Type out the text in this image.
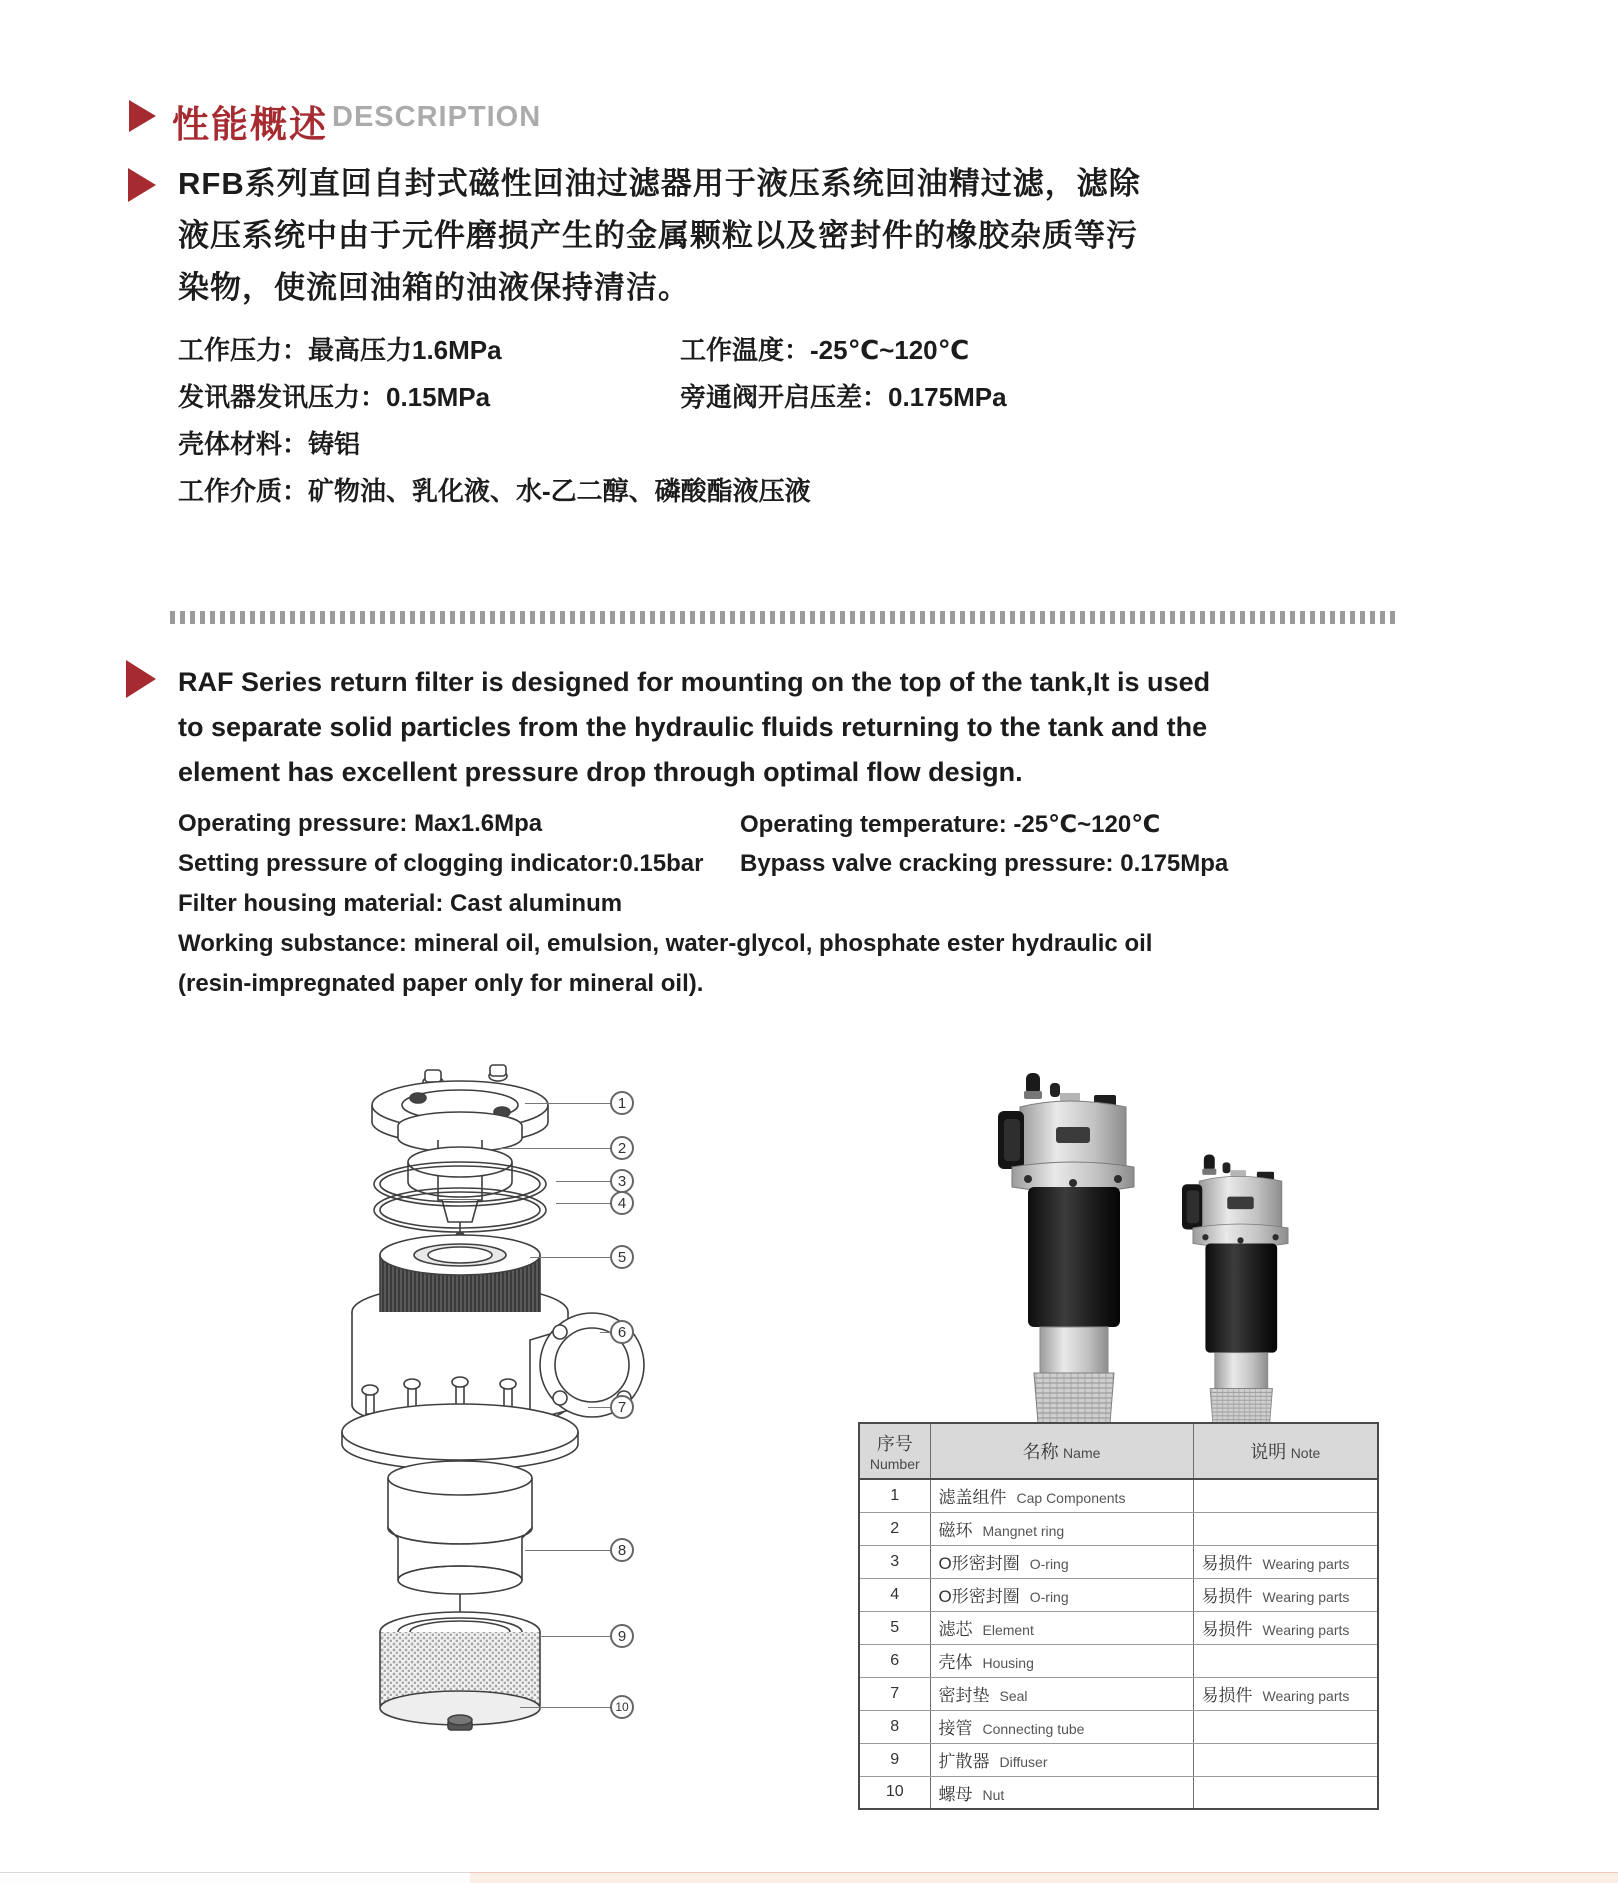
性能概述 DESCRIPTION
RFB系列直回自封式磁性回油过滤器用于液压系统回油精过滤，滤除
液压系统中由于元件磨损产生的金属颗粒以及密封件的橡胶杂质等污
染物，使流回油箱的油液保持清洁。
工作压力：最高压力1.6MPa	工作温度：-25℃~120℃
发讯器发讯压力：0.15MPa	旁通阀开启压差：0.175MPa
壳体材料：铸铝
工作介质：矿物油、乳化液、水-乙二醇、磷酸酯液压液
RAF Series return filter is designed for mounting on the top of the tank,It is used
to separate solid particles from the hydraulic fluids returning to the tank and the
element has excellent pressure drop through optimal flow design.
Operating pressure: Max1.6Mpa	Operating temperature: -25℃~120℃
Setting pressure of clogging indicator:0.15bar Bypass valve cracking pressure: 0.175Mpa
Filter housing material: Cast aluminum
Working substance: mineral oil, emulsion, water-glycol, phosphate ester hydraulic oil
(resin-impregnated paper only for mineral oil).
1
2
3
4
5
6
7
8
9
10
序号
Number	名称 Name	说明 Note
1	滤盖组件 Cap Components	
2	磁环 Mangnet ring	
3	O形密封圈 O-ring	易损件 Wearing parts
4	O形密封圈 O-ring	易损件 Wearing parts
5	滤芯 Element	易损件 Wearing parts
6	壳体 Housing	
7	密封垫 Seal	易损件 Wearing parts
8	接管 Connecting tube	
9	扩散器 Diffuser	
10	螺母 Nut	
